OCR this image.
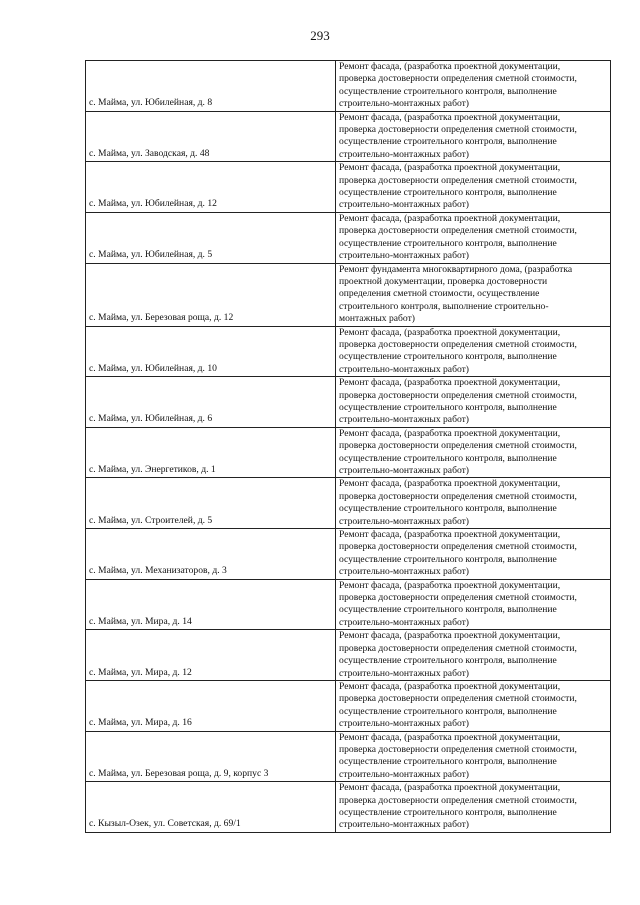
293
с. Майма, ул. Юбилейная, д. 8	Ремонт фасада, (разработка проектной документации,
проверка достоверности определения сметной стоимости,
осуществление строительного контроля, выполнение
строительно-монтажных работ)

с. Майма, ул. Заводская, д. 48	Ремонт фасада, (разработка проектной документации,
проверка достоверности определения сметной стоимости,
осуществление строительного контроля, выполнение
строительно-монтажных работ)

с. Майма, ул. Юбилейная, д. 12	Ремонт фасада, (разработка проектной документации,
проверка достоверности определения сметной стоимости,
осуществление строительного контроля, выполнение
строительно-монтажных работ)

с. Майма, ул. Юбилейная, д. 5	Ремонт фасада, (разработка проектной документации,
проверка достоверности определения сметной стоимости,
осуществление строительного контроля, выполнение
строительно-монтажных работ)

с. Майма, ул. Березовая роща, д. 12	Ремонт фундамента многоквартирного дома, (разработка
проектной документации, проверка достоверности
определения сметной стоимости, осуществление
строительного контроля, выполнение строительно-
монтажных работ)

с. Майма, ул. Юбилейная, д. 10	Ремонт фасада, (разработка проектной документации,
проверка достоверности определения сметной стоимости,
осуществление строительного контроля, выполнение
строительно-монтажных работ)

с. Майма, ул. Юбилейная, д. 6	Ремонт фасада, (разработка проектной документации,
проверка достоверности определения сметной стоимости,
осуществление строительного контроля, выполнение
строительно-монтажных работ)

с. Майма, ул. Энергетиков, д. 1	Ремонт фасада, (разработка проектной документации,
проверка достоверности определения сметной стоимости,
осуществление строительного контроля, выполнение
строительно-монтажных работ)

с. Майма, ул. Строителей, д. 5	Ремонт фасада, (разработка проектной документации,
проверка достоверности определения сметной стоимости,
осуществление строительного контроля, выполнение
строительно-монтажных работ)

с. Майма, ул. Механизаторов, д. 3	Ремонт фасада, (разработка проектной документации,
проверка достоверности определения сметной стоимости,
осуществление строительного контроля, выполнение
строительно-монтажных работ)

с. Майма, ул. Мира, д. 14	Ремонт фасада, (разработка проектной документации,
проверка достоверности определения сметной стоимости,
осуществление строительного контроля, выполнение
строительно-монтажных работ)

с. Майма, ул. Мира, д. 12	Ремонт фасада, (разработка проектной документации,
проверка достоверности определения сметной стоимости,
осуществление строительного контроля, выполнение
строительно-монтажных работ)

с. Майма, ул. Мира, д. 16	Ремонт фасада, (разработка проектной документации,
проверка достоверности определения сметной стоимости,
осуществление строительного контроля, выполнение
строительно-монтажных работ)

с. Майма, ул. Березовая роща, д. 9, корпус 3	Ремонт фасада, (разработка проектной документации,
проверка достоверности определения сметной стоимости,
осуществление строительного контроля, выполнение
строительно-монтажных работ)

с. Кызыл-Озек, ул. Советская, д. 69/1	Ремонт фасада, (разработка проектной документации,
проверка достоверности определения сметной стоимости,
осуществление строительного контроля, выполнение
строительно-монтажных работ)
